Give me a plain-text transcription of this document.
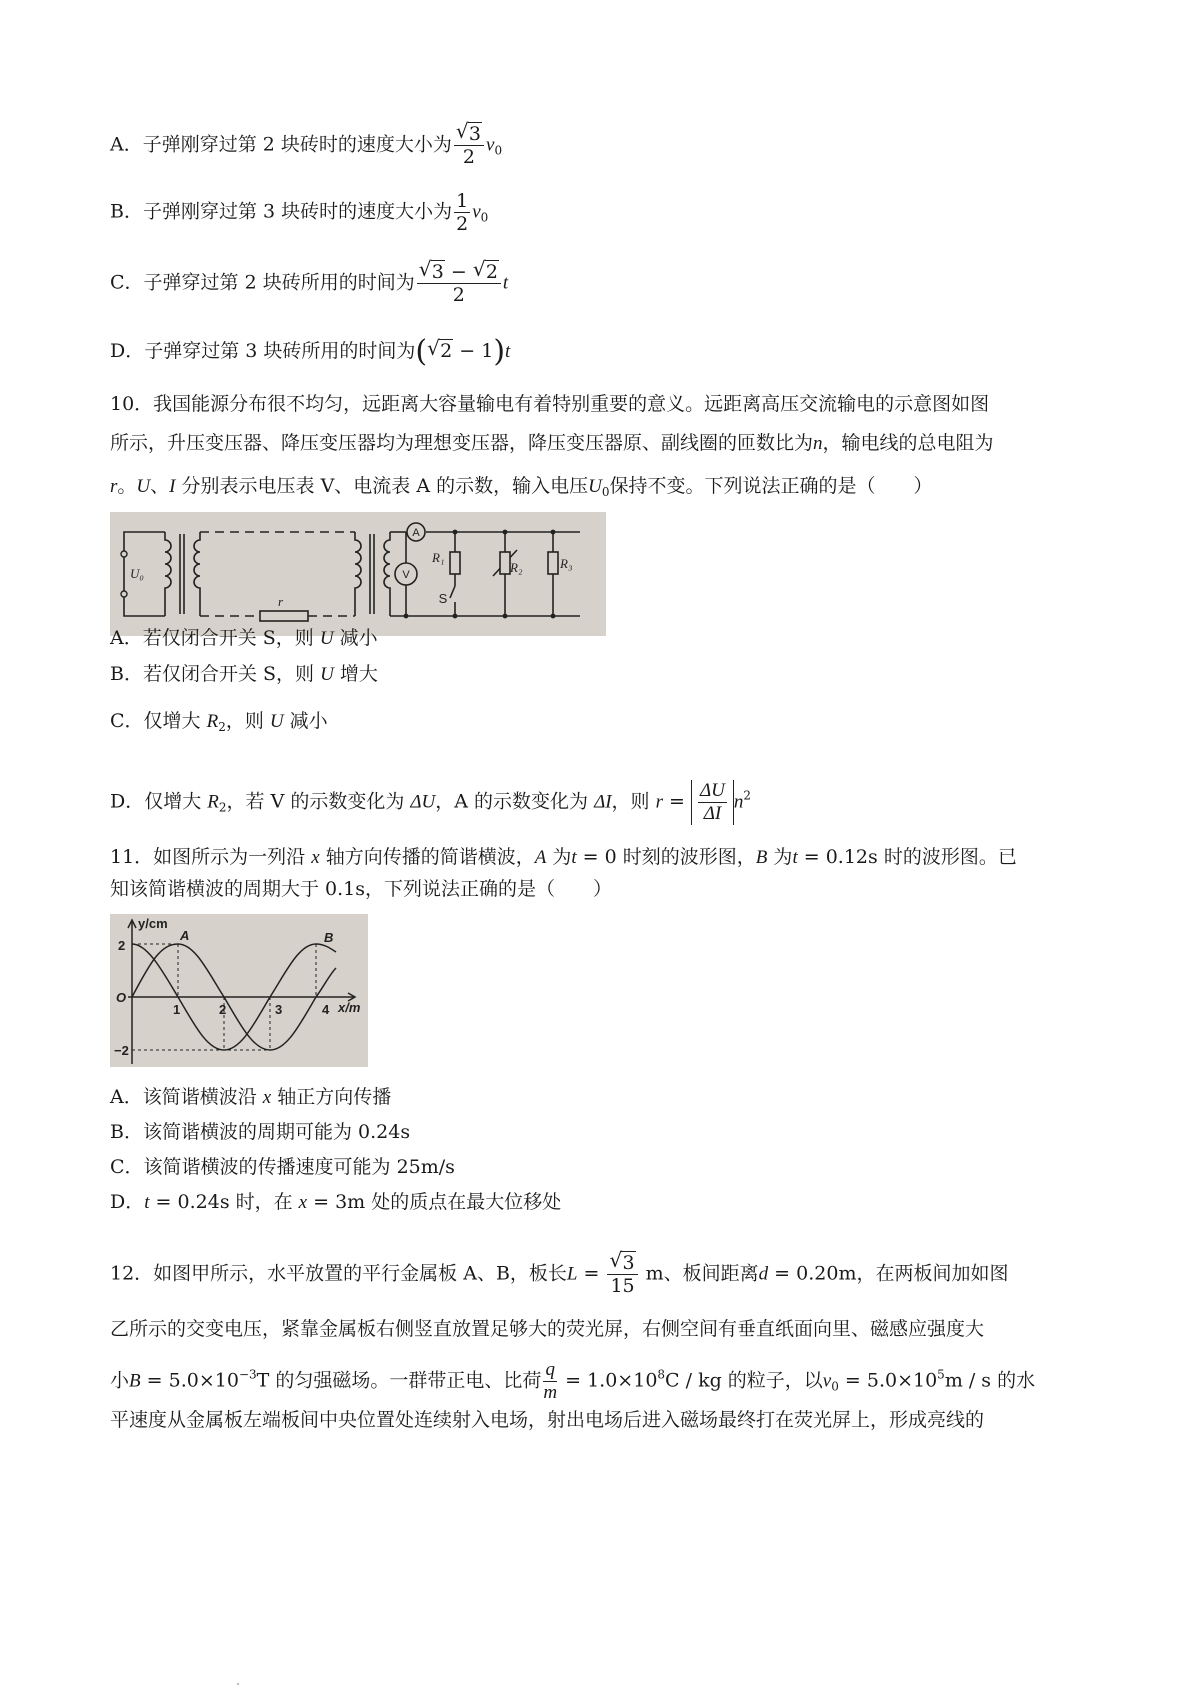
A．子弹刚穿过第 2 块砖时的速度大小为 √ $\frac{3}{2} v_0$
B．子弹刚穿过第 3 块砖时的速度大小为 $\frac{1}{2} v_0$
C．子弹穿过第 2 块砖所用的时间为 √ $\frac{3 - √ 2}{2}$ t
D．子弹穿过第 3 块砖所用的时间为( √ 2 − 1)t
10．我国能源分布很不均匀，远距离大容量输电有着特别重要的意义。远距离高压交流输电的示意图如图
所示，升压变压器、降压变压器均为理想变压器，降压变压器原、副线圈的匝数比为n，输电线的总电阻为
r。U、I 分别表示电压表 V、电流表 A 的示数，输入电压$U_0$保持不变。下列说法正确的是（　　）
U₀
r
R₁
R₂	R₃
A
V
S
A．若仅闭合开关 S，则 U 减小
B．若仅闭合开关 S，则 U 增大
C．仅增大 $R_2$，则 U 减小
D．仅增大 $R_2$，若 V 的示数变化为 ΔU，A 的示数变化为 ΔI，则 $r = \frac{\Delta U}{\Delta I} n^2$
11．如图所示为一列沿 x 轴方向传播的简谐横波，A 为t = 0 时刻的波形图，B 为t = 0.12s 时的波形图。已
知该简谐横波的周期大于 0.1s，下列说法正确的是（　　）
y/cm
x/m
A	B
O
2
−2
1	2	3	4
A．该简谐横波沿 x 轴正方向传播
B．该简谐横波的周期可能为 0.24s
C．该简谐横波的传播速度可能为 25m/s
D．t = 0.24s 时，在 x = 3m 处的质点在最大位移处
12．如图甲所示，水平放置的平行金属板 A、B，板长L = √ $\frac{3}{15}$ m、板间距离d = 0.20m，在两板间加如图
乙所示的交变电压，紧靠金属板右侧竖直放置足够大的荧光屏，右侧空间有垂直纸面向里、磁感应强度大
小$B = 5.0\times 10^{-3}T$ 的匀强磁场。一群带正电、比荷 $\frac{q}{m} = 1.0\times 10^8C$ / kg 的粒子，以$v_0 = 5.0\times 10^5m / s$ 的水
平速度从金属板左端板间中央位置处连续射入电场，射出电场后进入磁场最终打在荧光屏上，形成亮线的
